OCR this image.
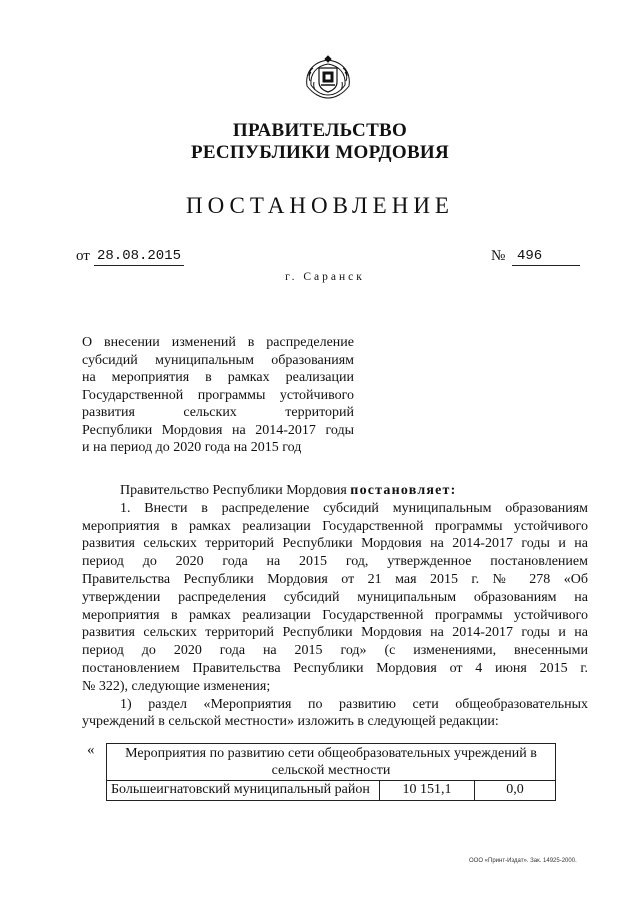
ПРАВИТЕЛЬСТВО
РЕСПУБЛИКИ МОРДОВИЯ
ПОСТАНОВЛЕНИЕ
от 28.08.2015	№ 496
г. Саранск
О внесении изменений в распределение
субсидий муниципальным образованиям
на мероприятия в рамках реализации
Государственной программы устойчивого
развития сельских территорий
Республики Мордовия на 2014-2017 годы
и на период до 2020 года на 2015 год
Правительство Республики Мордовия постановляет:
1. Внести в распределение субсидий муниципальным образованиям
мероприятия в рамках реализации Государственной программы устойчивого
развития сельских территорий Республики Мордовия на 2014-2017 годы и на
период до 2020 года на 2015 год, утвержденное постановлением
Правительства Республики Мордовия от 21 мая 2015 г. № 278 «Об
утверждении распределения субсидий муниципальным образованиям на
мероприятия в рамках реализации Государственной программы устойчивого
развития сельских территорий Республики Мордовия на 2014-2017 годы и на
период до 2020 года на 2015 год» (с изменениями, внесенными
постановлением Правительства Республики Мордовия от 4 июня 2015 г.
№ 322), следующие изменения;
1) раздел «Мероприятия по развитию сети общеобразовательных
учреждений в сельской местности» изложить в следующей редакции:
« Мероприятия по развитию сети общеобразовательных учреждений в сельской местности
Большеигнатовский муниципальный район	10 151,1	0,0
ООО «Принт-Издат». Зак. 14925-2000.
